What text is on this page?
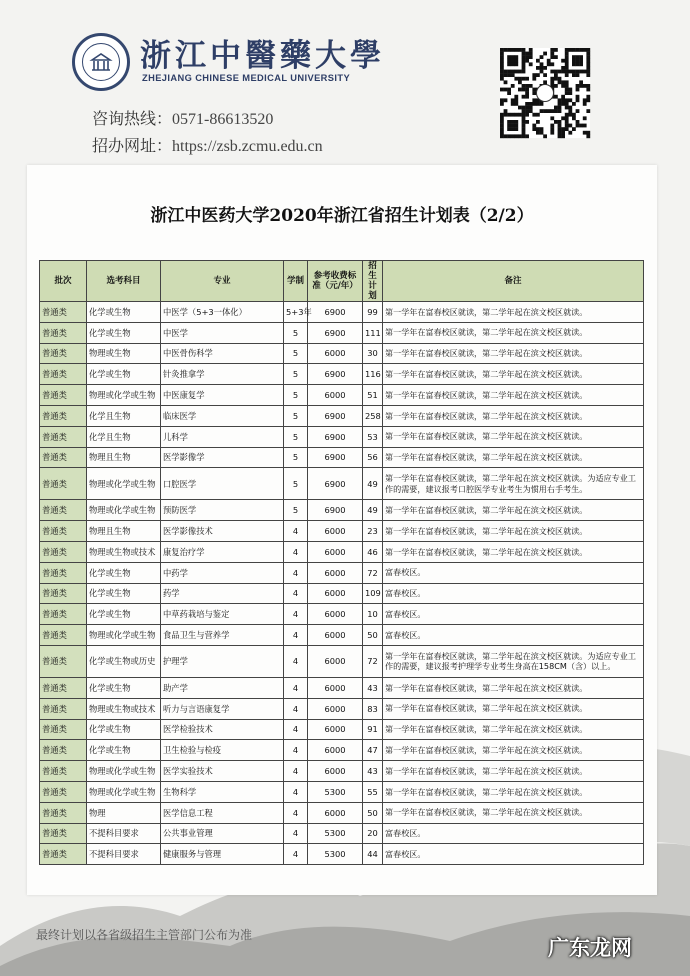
浙江中醫藥大學
ZHEJIANG CHINESE MEDICAL UNIVERSITY
咨询热线：0571-86613520
招办网址：https://zsb.zcmu.edu.cn
浙江中医药大学2020年浙江省招生计划表（2/2）
批次	选考科目	专业	学制	参考收费标准（元/年）	招生计划	备注
普通类	化学或生物	中医学（5+3一体化）	5+3年	6900	99	第一学年在富春校区就读，第二学年起在滨文校区就读。
普通类	化学或生物	中医学	5	6900	111	第一学年在富春校区就读，第二学年起在滨文校区就读。
普通类	物理或生物	中医骨伤科学	5	6000	30	第一学年在富春校区就读，第二学年起在滨文校区就读。
普通类	化学或生物	针灸推拿学	5	6900	116	第一学年在富春校区就读，第二学年起在滨文校区就读。
普通类	物理或化学或生物	中医康复学	5	6000	51	第一学年在富春校区就读，第二学年起在滨文校区就读。
普通类	化学且生物	临床医学	5	6900	258	第一学年在富春校区就读，第二学年起在滨文校区就读。
普通类	化学且生物	儿科学	5	6900	53	第一学年在富春校区就读，第二学年起在滨文校区就读。
普通类	物理且生物	医学影像学	5	6900	56	第一学年在富春校区就读，第二学年起在滨文校区就读。
普通类	物理或化学或生物	口腔医学	5	6900	49	第一学年在富春校区就读，第二学年起在滨文校区就读。为适应专业工作的需要，建议报考口腔医学专业考生为惯用右手考生。
普通类	物理或化学或生物	预防医学	5	6900	49	第一学年在富春校区就读，第二学年起在滨文校区就读。
普通类	物理且生物	医学影像技术	4	6000	23	第一学年在富春校区就读，第二学年起在滨文校区就读。
普通类	物理或生物或技术	康复治疗学	4	6000	46	第一学年在富春校区就读，第二学年起在滨文校区就读。
普通类	化学或生物	中药学	4	6000	72	富春校区。
普通类	化学或生物	药学	4	6000	109	富春校区。
普通类	化学或生物	中草药栽培与鉴定	4	6000	10	富春校区。
普通类	物理或化学或生物	食品卫生与营养学	4	6000	50	富春校区。
普通类	化学或生物或历史	护理学	4	6000	72	第一学年在富春校区就读，第二学年起在滨文校区就读。为适应专业工作的需要，建议报考护理学专业考生身高在158CM（含）以上。
普通类	化学或生物	助产学	4	6000	43	第一学年在富春校区就读，第二学年起在滨文校区就读。
普通类	物理或生物或技术	听力与言语康复学	4	6000	83	第一学年在富春校区就读，第二学年起在滨文校区就读。
普通类	化学或生物	医学检验技术	4	6000	91	第一学年在富春校区就读，第二学年起在滨文校区就读。
普通类	化学或生物	卫生检验与检疫	4	6000	47	第一学年在富春校区就读，第二学年起在滨文校区就读。
普通类	物理或化学或生物	医学实验技术	4	6000	43	第一学年在富春校区就读，第二学年起在滨文校区就读。
普通类	物理或化学或生物	生物科学	4	5300	55	第一学年在富春校区就读，第二学年起在滨文校区就读。
普通类	物理	医学信息工程	4	6000	50	第一学年在富春校区就读，第二学年起在滨文校区就读。
普通类	不提科目要求	公共事业管理	4	5300	20	富春校区。
普通类	不提科目要求	健康服务与管理	4	5300	44	富春校区。
最终计划以各省级招生主管部门公布为准
广东龙网
